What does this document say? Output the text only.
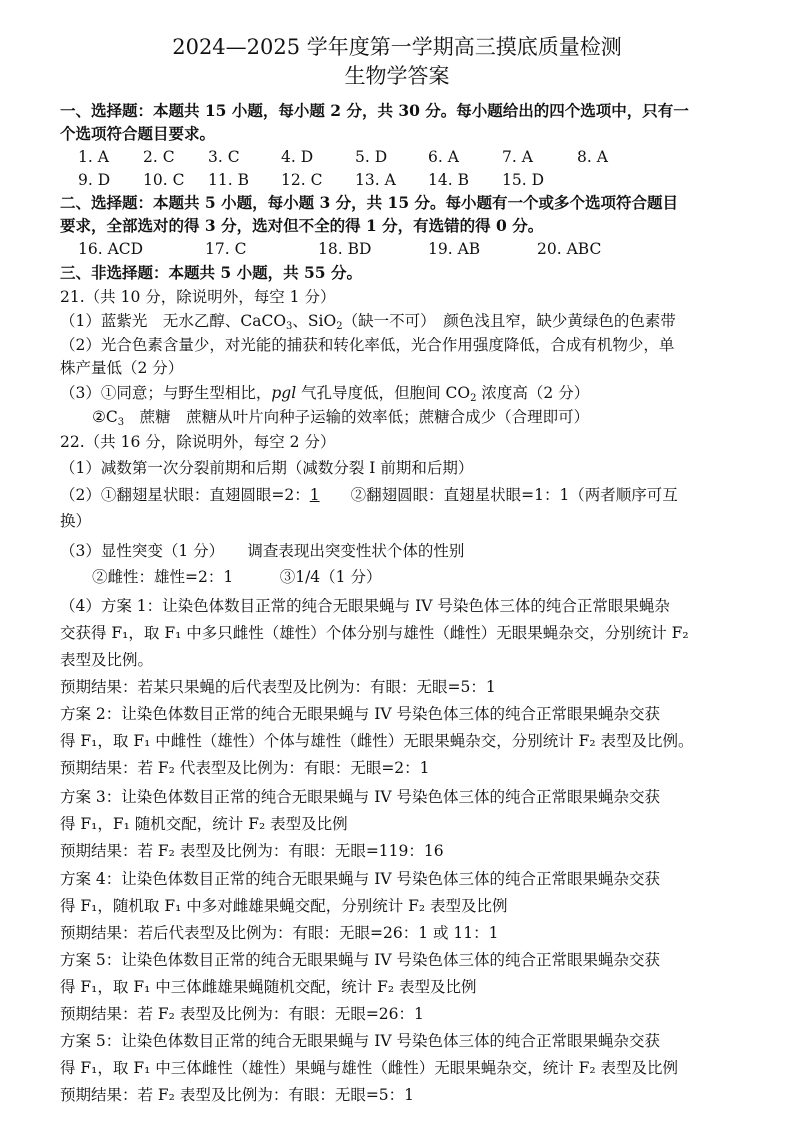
2024—2025 学年度第一学期高三摸底质量检测
生物学答案
一、选择题：本题共 15 小题，每小题 2 分，共 30 分。每小题给出的四个选项中，只有一
个选项符合题目要求。
1. A 2. C 3. C	4. D	5. D	6. A	7. A	8. A
9. D 10. C 11. B 12. C 13. A 14. B 15. D
二、选择题：本题共 5 小题，每小题 3 分，共 15 分。每小题有一个或多个选项符合题目
要求，全部选对的得 3 分，选对但不全的得 1 分，有选错的得 0 分。
16. ACD	17. C	18. BD	19. AB	20. ABC
三、非选择题：本题共 5 小题，共 55 分。
21.（共 10 分，除说明外，每空 1 分）
（1）蓝紫光　无水乙醇、CaCO$_3$、SiO$_2$（缺一不可）　颜色浅且窄，缺少黄绿色的色素带
（2）光合色素含量少，对光能的捕获和转化率低，光合作用强度降低，合成有机物少，单
株产量低（2 分）
（3）①同意；与野生型相比，pgl 气孔导度低，但胞间 $CO_2$ 浓度高（2 分）
$②C_3$　蔗糖　蔗糖从叶片向种子运输的效率低；蔗糖合成少（合理即可）
22.（共 16 分，除说明外，每空 2 分）
（1）减数第一次分裂前期和后期（减数分裂 I 前期和后期）
（2）①翻翅星状眼：直翅圆眼=2：1　　②翻翅圆眼：直翅星状眼=1：1（两者顺序可互
换）
（3）显性突变（1 分）　　调查表现出突变性状个体的性别
②雌性：雄性=2：1　　　③1/4（1 分）
（4）方案 1：让染色体数目正常的纯合无眼果蝇与 IV 号染色体三体的纯合正常眼果蝇杂
交获得 F₁，取 F₁ 中多只雌性（雄性）个体分别与雄性（雌性）无眼果蝇杂交，分别统计 F₂
表型及比例。
预期结果：若某只果蝇的后代表型及比例为：有眼：无眼=5：1
方案 2：让染色体数目正常的纯合无眼果蝇与 IV 号染色体三体的纯合正常眼果蝇杂交获
得 F₁，取 F₁ 中雌性（雄性）个体与雄性（雌性）无眼果蝇杂交，分别统计 F₂ 表型及比例。
预期结果：若 F₂ 代表型及比例为：有眼：无眼=2：1
方案 3：让染色体数目正常的纯合无眼果蝇与 IV 号染色体三体的纯合正常眼果蝇杂交获
得 F₁，F₁ 随机交配，统计 F₂ 表型及比例
预期结果：若 F₂ 表型及比例为：有眼：无眼=119：16
方案 4：让染色体数目正常的纯合无眼果蝇与 IV 号染色体三体的纯合正常眼果蝇杂交获
得 F₁，随机取 F₁ 中多对雌雄果蝇交配，分别统计 F₂ 表型及比例
预期结果：若后代表型及比例为：有眼：无眼=26：1 或 11：1
方案 5：让染色体数目正常的纯合无眼果蝇与 IV 号染色体三体的纯合正常眼果蝇杂交获
得 F₁，取 F₁ 中三体雌雄果蝇随机交配，统计 F₂ 表型及比例
预期结果：若 F₂ 表型及比例为：有眼：无眼=26：1
方案 5：让染色体数目正常的纯合无眼果蝇与 IV 号染色体三体的纯合正常眼果蝇杂交获
得 F₁，取 F₁ 中三体雌性（雄性）果蝇与雄性（雌性）无眼果蝇杂交，统计 F₂ 表型及比例
预期结果：若 F₂ 表型及比例为：有眼：无眼=5：1
